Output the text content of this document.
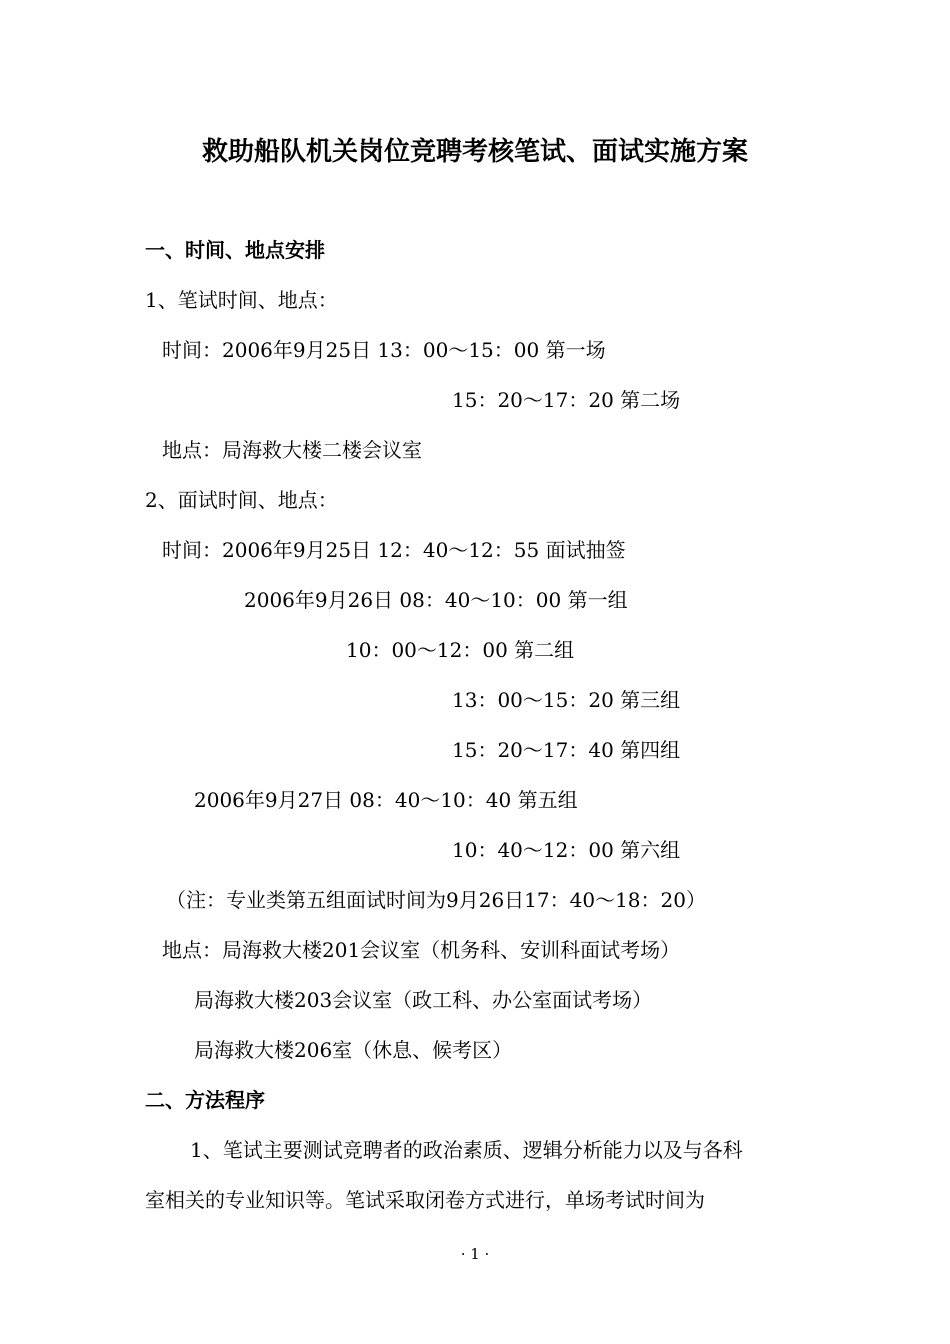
救助船队机关岗位竞聘考核笔试、面试实施方案
一、时间、地点安排
1、笔试时间、地点：
时间：2006年9月25日 13：00～15：00 第一场
15：20～17：20 第二场
地点：局海救大楼二楼会议室
2、面试时间、地点：
时间：2006年9月25日 12：40～12：55 面试抽签
2006年9月26日 08：40～10：00 第一组
10：00～12：00 第二组
13：00～15：20 第三组
15：20～17：40 第四组
2006年9月27日 08：40～10：40 第五组
10：40～12：00 第六组
（注：专业类第五组面试时间为9月26日17：40～18：20）
地点：局海救大楼201会议室（机务科、安训科面试考场）
局海救大楼203会议室（政工科、办公室面试考场）
局海救大楼206室（休息、候考区）
二、方法程序
1、笔试主要测试竞聘者的政治素质、逻辑分析能力以及与各科
室相关的专业知识等。笔试采取闭卷方式进行，单场考试时间为
· 1 ·
